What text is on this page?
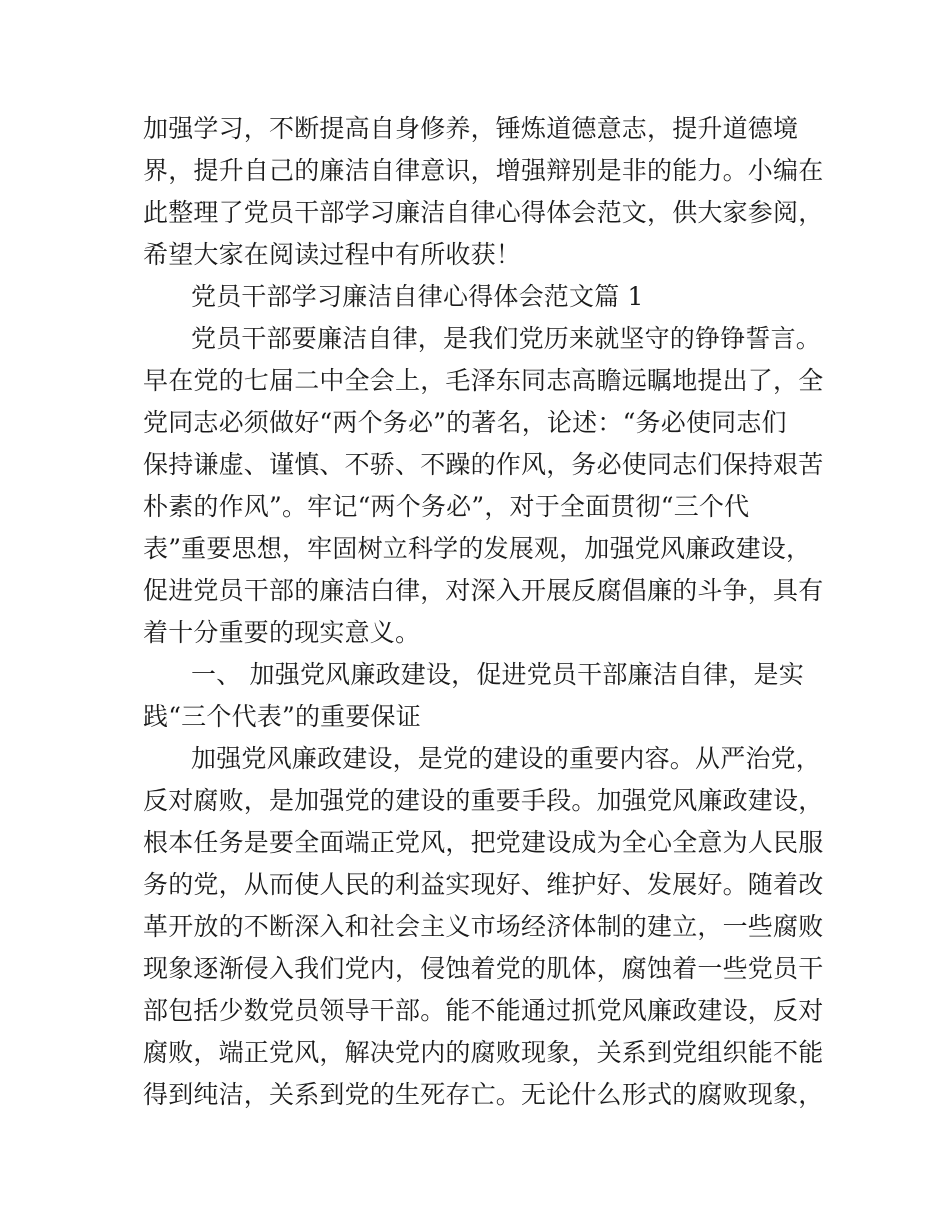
加强学习，不断提高自身修养，锤炼道德意志，提升道德境
界，提升自己的廉洁自律意识，增强辩别是非的能力。小编在
此整理了党员干部学习廉洁自律心得体会范文，供大家参阅，
希望大家在阅读过程中有所收获！
党员干部学习廉洁自律心得体会范文篇 1
党员干部要廉洁自律，是我们党历来就坚守的铮铮誓言。
早在党的七届二中全会上，毛泽东同志高瞻远瞩地提出了，全
党同志必须做好“两个务必”的著名，论述：“务必使同志们
保持谦虚、谨慎、不骄、不躁的作风，务必使同志们保持艰苦
朴素的作风”。牢记“两个务必”，对于全面贯彻“三个代
表”重要思想，牢固树立科学的发展观，加强党风廉政建设，
促进党员干部的廉洁白律，对深入开展反腐倡廉的斗争，具有
着十分重要的现实意义。
一、 加强党风廉政建设，促进党员干部廉洁自律，是实
践“三个代表”的重要保证
加强党风廉政建设，是党的建设的重要内容。从严治党，
反对腐败，是加强党的建设的重要手段。加强党风廉政建设，
根本任务是要全面端正党风，把党建设成为全心全意为人民服
务的党，从而使人民的利益实现好、维护好、发展好。随着改
革开放的不断深入和社会主义市场经济体制的建立，一些腐败
现象逐渐侵入我们党内，侵蚀着党的肌体，腐蚀着一些党员干
部包括少数党员领导干部。能不能通过抓党风廉政建设，反对
腐败，端正党风，解决党内的腐败现象，关系到党组织能不能
得到纯洁，关系到党的生死存亡。无论什么形式的腐败现象，
